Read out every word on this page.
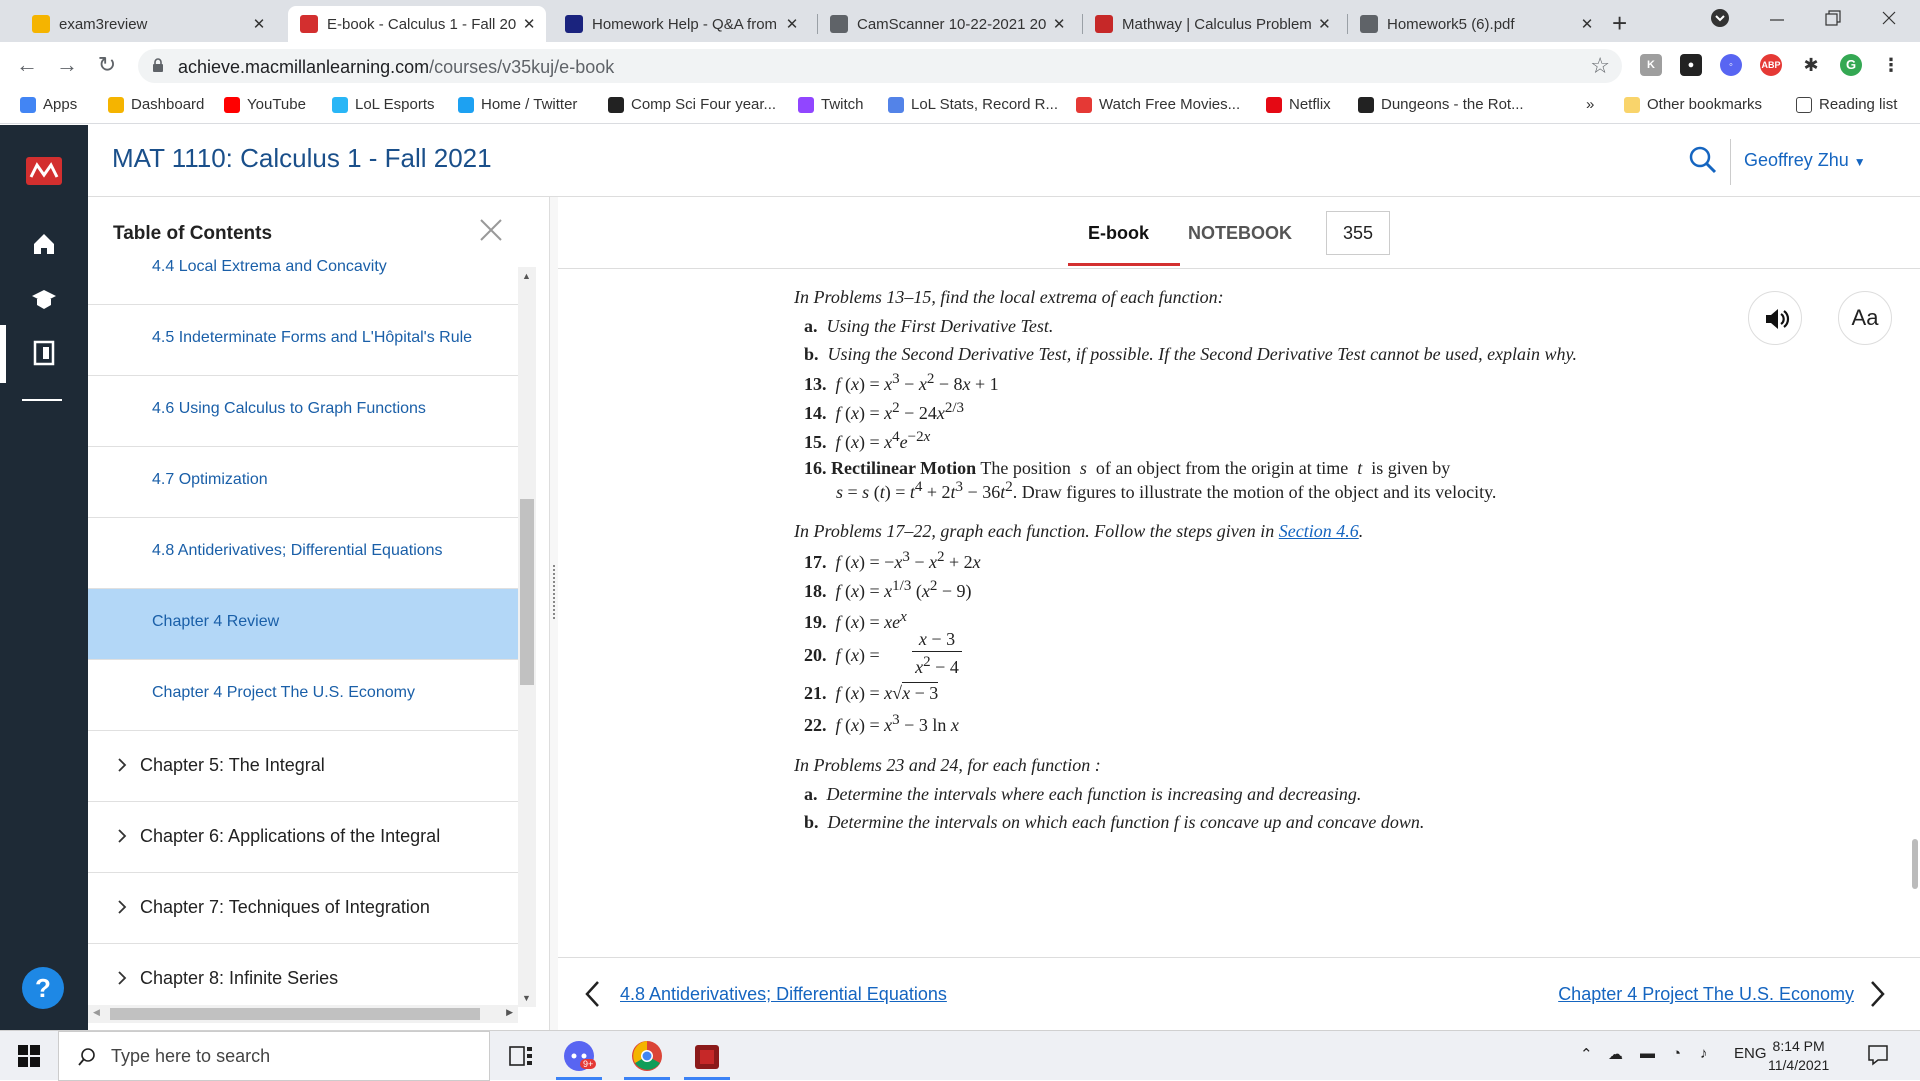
exam3review	✕	E-book - Calculus 1 - Fall 20 ✕	Homework Help - Q&A from ✕	CamScanner 10-22-2021 20 ✕	Mathway | Calculus Problem ✕	Homework5 (6).pdf	✕ +
← → ↻	achieve.macmillanlearning.com/courses/v35kuj/e-book	☆	K	●	◦	ABP ✱	G	⋮
Apps	Dashboard	YouTube	LoL Esports	Home / Twitter	Comp Sci Four year...	Twitch	LoL Stats, Record R...	Watch Free Movies...	Netflix	Dungeons - the Rot...	»	Other bookmarks	Reading list
?
MAT 1110: Calculus 1 - Fall 2021	Geoffrey Zhu ▼
Table of Contents
4.4 Local Extrema and Concavity
4.5 Indeterminate Forms and L'Hôpital's Rule
4.6 Using Calculus to Graph Functions
4.7 Optimization
4.8 Antiderivatives; Differential Equations
Chapter 4 Review
Chapter 4 Project The U.S. Economy
Chapter 5: The Integral
Chapter 6: Applications of the Integral
Chapter 7: Techniques of Integration
Chapter 8: Infinite Series
▲
▼
◀	▶
E-book NOTEBOOK	355
Aa
In Problems 13–15, find the local extrema of each function:
a. Using the First Derivative Test.
b. Using the Second Derivative Test, if possible. If the Second Derivative Test cannot be used, explain why.
13. f $(x) = x^3 - x^2 - 8x + 1$
14. f $(x) = x^2 - 24x^{2/3}$
15. f $(x) = x^4e^{-2x}$
16. Rectilinear Motion The position s of an object from the origin at time t is given by
s = s $(t) = t^4 + 2t^3 - 36t^2$. Draw figures to illustrate the motion of the object and its velocity.
In Problems 17–22, graph each function. Follow the steps given in Section 4.6.
17. f $(x) = -x^3 - x^2 + 2x$
18. f $(x) = x^{1/3}$ $(x^2 - 9)$
19. f $(x) = xe^x$
20. f (x) =
x − 3
$x^2 - 4$
21. f (x) = x√x − 3
22. f $(x) = x^3 - 3$ ln x
In Problems 23 and 24, for each function :
a. Determine the intervals where each function is increasing and decreasing.
b. Determine the intervals on which each function f is concave up and concave down.
4.8 Antiderivatives; Differential Equations	Chapter 4 Project The U.S. Economy
Type here to search	9+
⌃ ☁ ▬ ◔ ♪ ENG 8:14 PM
11/4/2021
